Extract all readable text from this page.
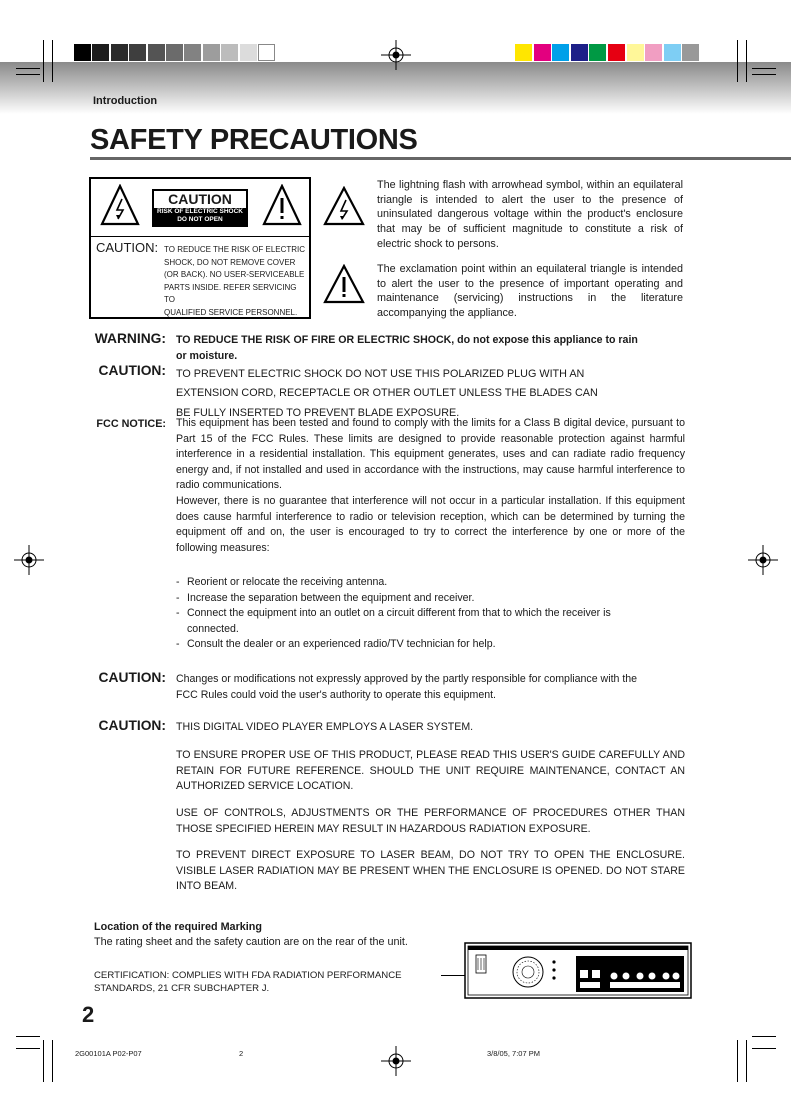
Introduction
SAFETY PRECAUTIONS
CAUTION
RISK OF ELECTRIC SHOCK
DO NOT OPEN
CAUTION: TO REDUCE THE RISK OF ELECTRIC
SHOCK, DO NOT REMOVE COVER
(OR BACK). NO USER-SERVICEABLE
PARTS INSIDE. REFER SERVICING TO
QUALIFIED SERVICE PERSONNEL.
The lightning flash with arrowhead symbol, within an equilateral triangle is intended to alert the user to the presence of uninsulated dangerous voltage within the product's enclosure that may be of sufficient magnitude to constitute a risk of electric shock to persons.
The exclamation point within an equilateral triangle is intended to alert the user to the presence of important operating and maintenance (servicing) instructions in the literature accompanying the appliance.
WARNING: TO REDUCE THE RISK OF FIRE OR ELECTRIC SHOCK, do not expose this appliance to rain
or moisture.
CAUTION: TO PREVENT ELECTRIC SHOCK DO NOT USE THIS POLARIZED PLUG WITH AN
EXTENSION CORD, RECEPTACLE OR OTHER OUTLET UNLESS THE BLADES CAN
BE FULLY INSERTED TO PREVENT BLADE EXPOSURE.
FCC NOTICE: This equipment has been tested and found to comply with the limits for a Class B digital device, pursuant to Part 15 of the FCC Rules. These limits are designed to provide reasonable protection against harmful interference in a residential installation. This equipment generates, uses and can radiate radio frequency energy and, if not installed and used in accordance with the instructions, may cause harmful interference to radio communications.
However, there is no guarantee that interference will not occur in a particular installation. If this equipment does cause harmful interference to radio or television reception, which can be determined by turning the equipment off and on, the user is encouraged to try to correct the interference by one or more of the following measures:
- Reorient or relocate the receiving antenna.
- Increase the separation between the equipment and receiver.
- Connect the equipment into an outlet on a circuit different from that to which the receiver is
connected.
- Consult the dealer or an experienced radio/TV technician for help.
CAUTION: Changes or modifications not expressly approved by the partly responsible for compliance with the
FCC Rules could void the user's authority to operate this equipment.
CAUTION: THIS DIGITAL VIDEO PLAYER EMPLOYS A LASER SYSTEM.
TO ENSURE PROPER USE OF THIS PRODUCT, PLEASE READ THIS USER'S GUIDE CAREFULLY AND RETAIN FOR FUTURE REFERENCE. SHOULD THE UNIT REQUIRE MAINTENANCE, CONTACT AN AUTHORIZED SERVICE LOCATION.
USE OF CONTROLS, ADJUSTMENTS OR THE PERFORMANCE OF PROCEDURES OTHER THAN THOSE SPECIFIED HEREIN MAY RESULT IN HAZARDOUS RADIATION EXPOSURE.
TO PREVENT DIRECT EXPOSURE TO LASER BEAM, DO NOT TRY TO OPEN THE ENCLOSURE. VISIBLE LASER RADIATION MAY BE PRESENT WHEN THE ENCLOSURE IS OPENED. DO NOT STARE INTO BEAM.
Location of the required Marking
The rating sheet and the safety caution are on the rear of the unit.
CERTIFICATION: COMPLIES WITH FDA RADIATION PERFORMANCE
STANDARDS, 21 CFR SUBCHAPTER J.
2
2G00101A P02-P07	2	3/8/05, 7:07 PM
